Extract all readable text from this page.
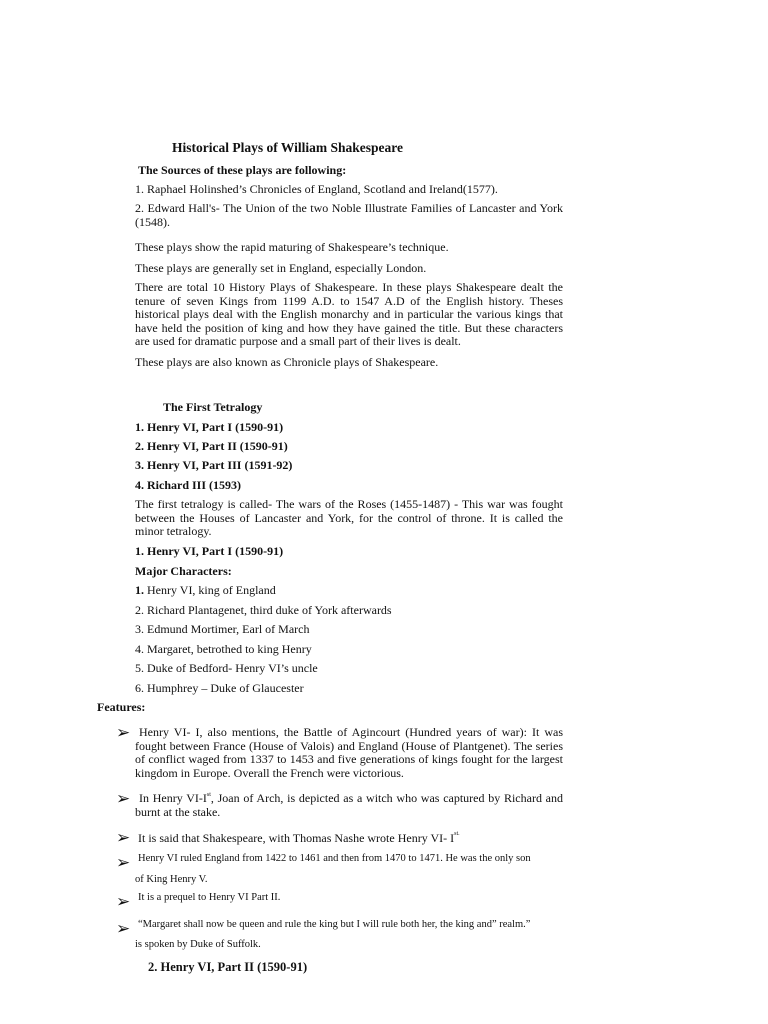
Historical Plays of William Shakespeare
The Sources of these plays are following:
1. Raphael Holinshed’s Chronicles of England, Scotland and Ireland(1577).
2. Edward Hall's- The Union of the two Noble Illustrate Families of Lancaster and York (1548).
These plays show the rapid maturing of Shakespeare’s technique.
These plays are generally set in England, especially London.
There are total 10 History Plays of Shakespeare. In these plays Shakespeare dealt the tenure of seven Kings from 1199 A.D. to 1547 A.D of the English history. Theses historical plays deal with the English monarchy and in particular the various kings that have held the position of king and how they have gained the title. But these characters are used for dramatic purpose and a small part of their lives is dealt.
These plays are also known as Chronicle plays of Shakespeare.
The First Tetralogy
1. Henry VI, Part I (1590-91)
2. Henry VI, Part II (1590-91)
3. Henry VI, Part III (1591-92)
4. Richard III (1593)
The first tetralogy is called- The wars of the Roses (1455-1487) - This war was fought between the Houses of Lancaster and York, for the control of throne. It is called the minor tetralogy.
1. Henry VI, Part I (1590-91)
Major Characters:
1. Henry VI, king of England
2. Richard Plantagenet, third duke of York afterwards
3. Edmund Mortimer, Earl of March
4. Margaret, betrothed to king Henry
5. Duke of Bedford- Henry VI’s uncle
6. Humphrey – Duke of Glaucester
Features:
➢ Henry VI- I, also mentions, the Battle of Agincourt (Hundred years of war): It was fought between France (House of Valois) and England (House of Plantgenet). The series of conflict waged from 1337 to 1453 and five generations of kings fought for the largest kingdom in Europe. Overall the French were victorious.
➢ In Henry VI-Ist, Joan of Arch, is depicted as a witch who was captured by Richard and burnt at the stake.
➢ It is said that Shakespeare, with Thomas Nashe wrote Henry VI- $I^{st.}$
➢ Henry VI ruled England from 1422 to 1461 and then from 1470 to 1471. He was the only son
of King Henry V.
➢ It is a prequel to Henry VI Part II.
➢ “Margaret shall now be queen and rule the king but I will rule both her, the king and” realm.”
is spoken by Duke of Suffolk.
2. Henry VI, Part II (1590-91)
